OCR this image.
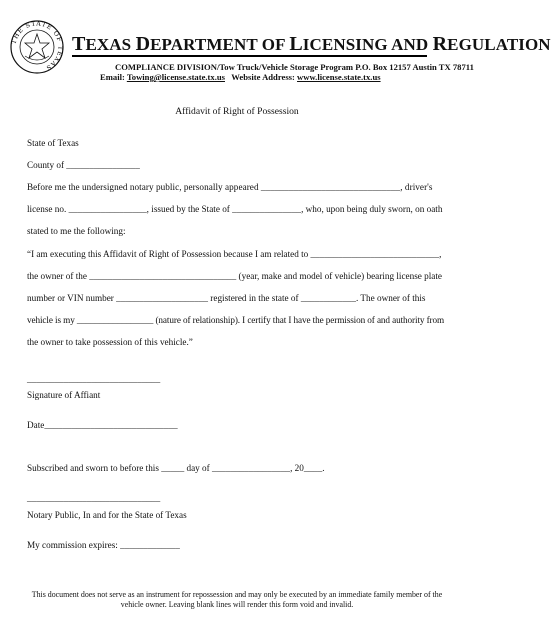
THE STATE OF TEXAS
TEXAS DEPARTMENT OF LICENSING AND REGULATION
COMPLIANCE DIVISION/Tow Truck/Vehicle Storage Program P.O. Box 12157 Austin TX 78711
Email: Towing@license.state.tx.us Website Address: www.license.state.tx.us
Affidavit of Right of Possession
State of Texas
County of ________________
Before me the undersigned notary public, personally appeared ______________________________, driver's
license no. _________________, issued by the State of _______________, who, upon being duly sworn, on oath
stated to me the following:
“I am executing this Affidavit of Right of Possession because I am related to ____________________________,
the owner of the ________________________________ (year, make and model of vehicle) bearing license plate
number or VIN number ____________________ registered in the state of ____________. The owner of this
vehicle is my _________________ (nature of relationship). I certify that I have the permission of and authority from
the owner to take possession of this vehicle.”
_____________________________
Signature of Affiant
Date_____________________________
Subscribed and sworn to before this _____ day of _________________, 20____.
_____________________________
Notary Public, In and for the State of Texas
My commission expires: _____________
This document does not serve as an instrument for repossession and may only be executed by an immediate family member of the
vehicle owner. Leaving blank lines will render this form void and invalid.
